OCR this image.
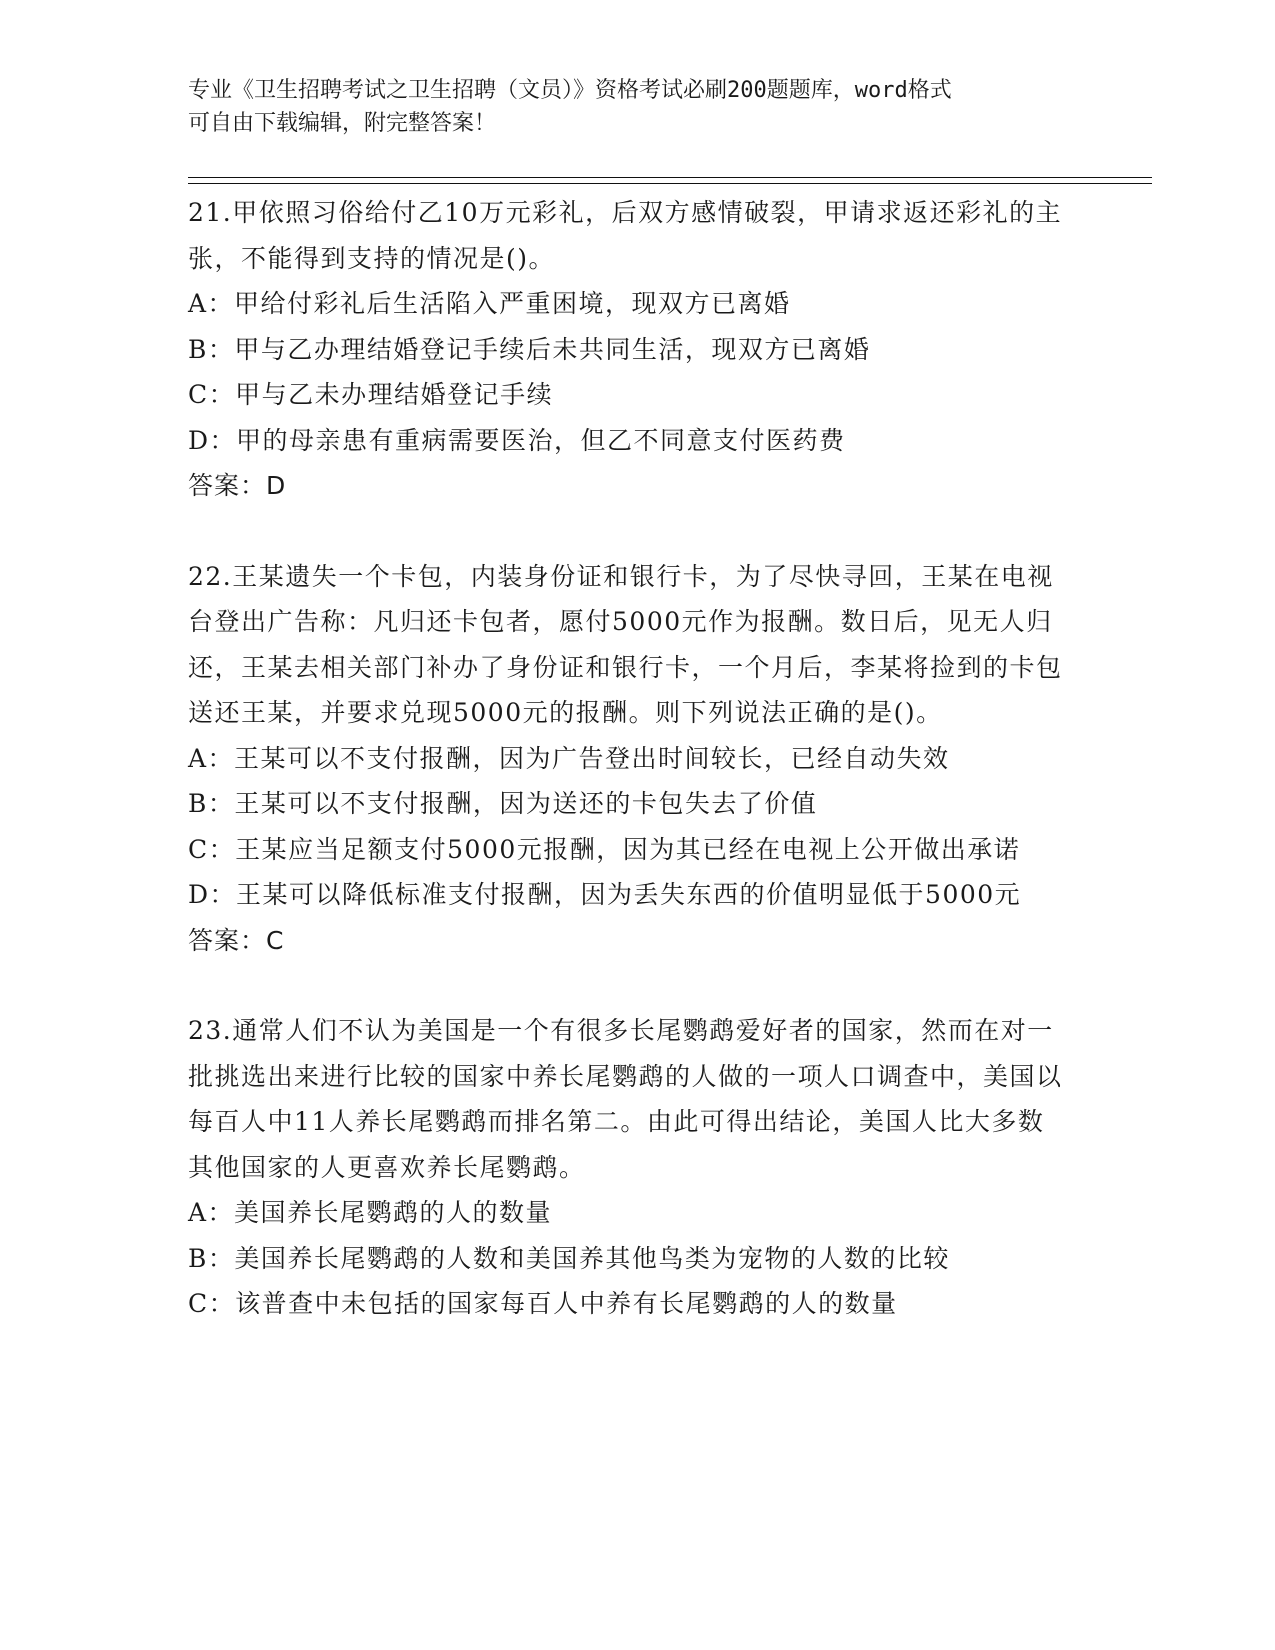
专业《卫生招聘考试之卫生招聘（文员）》资格考试必刷200题题库，word格式
可自由下载编辑，附完整答案！

21.甲依照习俗给付乙10万元彩礼，后双方感情破裂，甲请求返还彩礼的主张，不能得到支持的情况是()。

A：甲给付彩礼后生活陷入严重困境，现双方已离婚

B：甲与乙办理结婚登记手续后未共同生活，现双方已离婚

C：甲与乙未办理结婚登记手续

D：甲的母亲患有重病需要医治，但乙不同意支付医药费

答案：D

22.王某遗失一个卡包，内装身份证和银行卡，为了尽快寻回，王某在电视台登出广告称：凡归还卡包者，愿付5000元作为报酬。数日后，见无人归还，王某去相关部门补办了身份证和银行卡，一个月后，李某将捡到的卡包送还王某，并要求兑现5000元的报酬。则下列说法正确的是()。

A：王某可以不支付报酬，因为广告登出时间较长，已经自动失效

B：王某可以不支付报酬，因为送还的卡包失去了价值

C：王某应当足额支付5000元报酬，因为其已经在电视上公开做出承诺

D：王某可以降低标准支付报酬，因为丢失东西的价值明显低于5000元

答案：C

23.通常人们不认为美国是一个有很多长尾鹦鹉爱好者的国家，然而在对一批挑选出来进行比较的国家中养长尾鹦鹉的人做的一项人口调查中，美国以每百人中11人养长尾鹦鹉而排名第二。由此可得出结论，美国人比大多数其他国家的人更喜欢养长尾鹦鹉。

A：美国养长尾鹦鹉的人的数量

B：美国养长尾鹦鹉的人数和美国养其他鸟类为宠物的人数的比较

C：该普查中未包括的国家每百人中养有长尾鹦鹉的人的数量
